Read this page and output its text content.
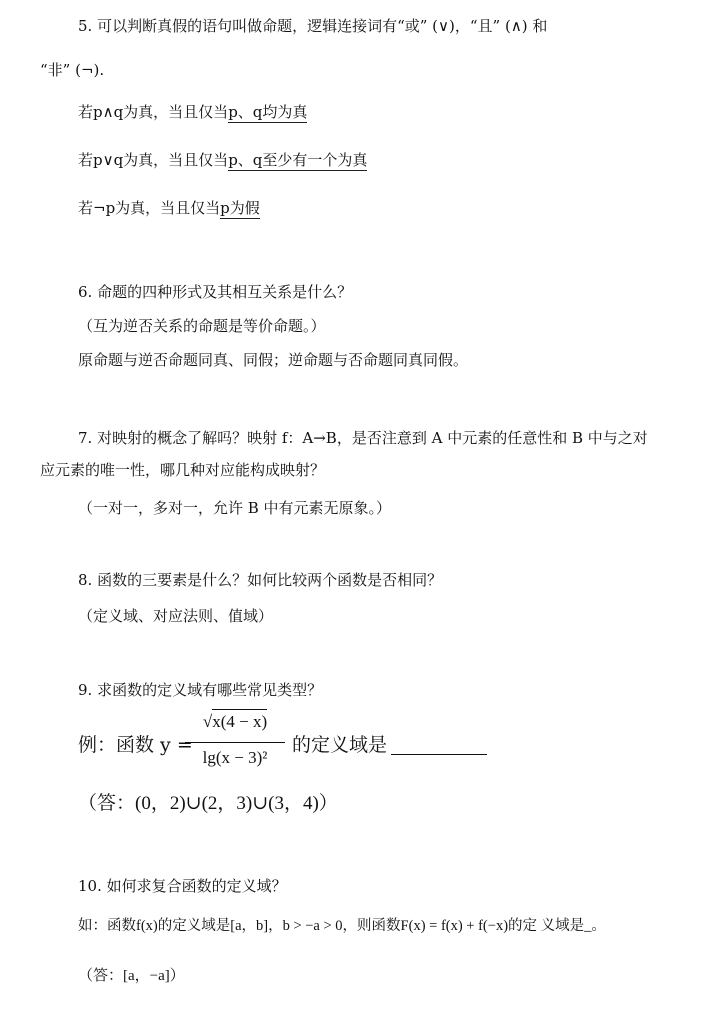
5. 可以判断真假的语句叫做命题，逻辑连接词有“或” (∨)，“且” (∧) 和
“非” (¬).
若p∧q为真，当且仅当p、q均为真
若p∨q为真，当且仅当p、q至少有一个为真
若¬p为真，当且仅当p为假
6. 命题的四种形式及其相互关系是什么？
（互为逆否关系的命题是等价命题。）
原命题与逆否命题同真、同假；逆命题与否命题同真同假。
7. 对映射的概念了解吗？映射 f：A→B，是否注意到 A 中元素的任意性和 B 中与之对
应元素的唯一性，哪几种对应能构成映射？
（一对一，多对一，允许 B 中有元素无原象。）
8. 函数的三要素是什么？如何比较两个函数是否相同？
（定义域、对应法则、值域）
9. 求函数的定义域有哪些常见类型？
例：函数 y =
√x(4 − x)
lg(x − 3)²
的定义域是
（答：(0，2)∪(2，3)∪(3，4)）
10. 如何求复合函数的定义域？
如：函数f(x)的定义域是[a，b]，b > −a > 0，则函数F(x) = f(x) + f(−x)的定 义域是_。
（答：[a，−a]）
